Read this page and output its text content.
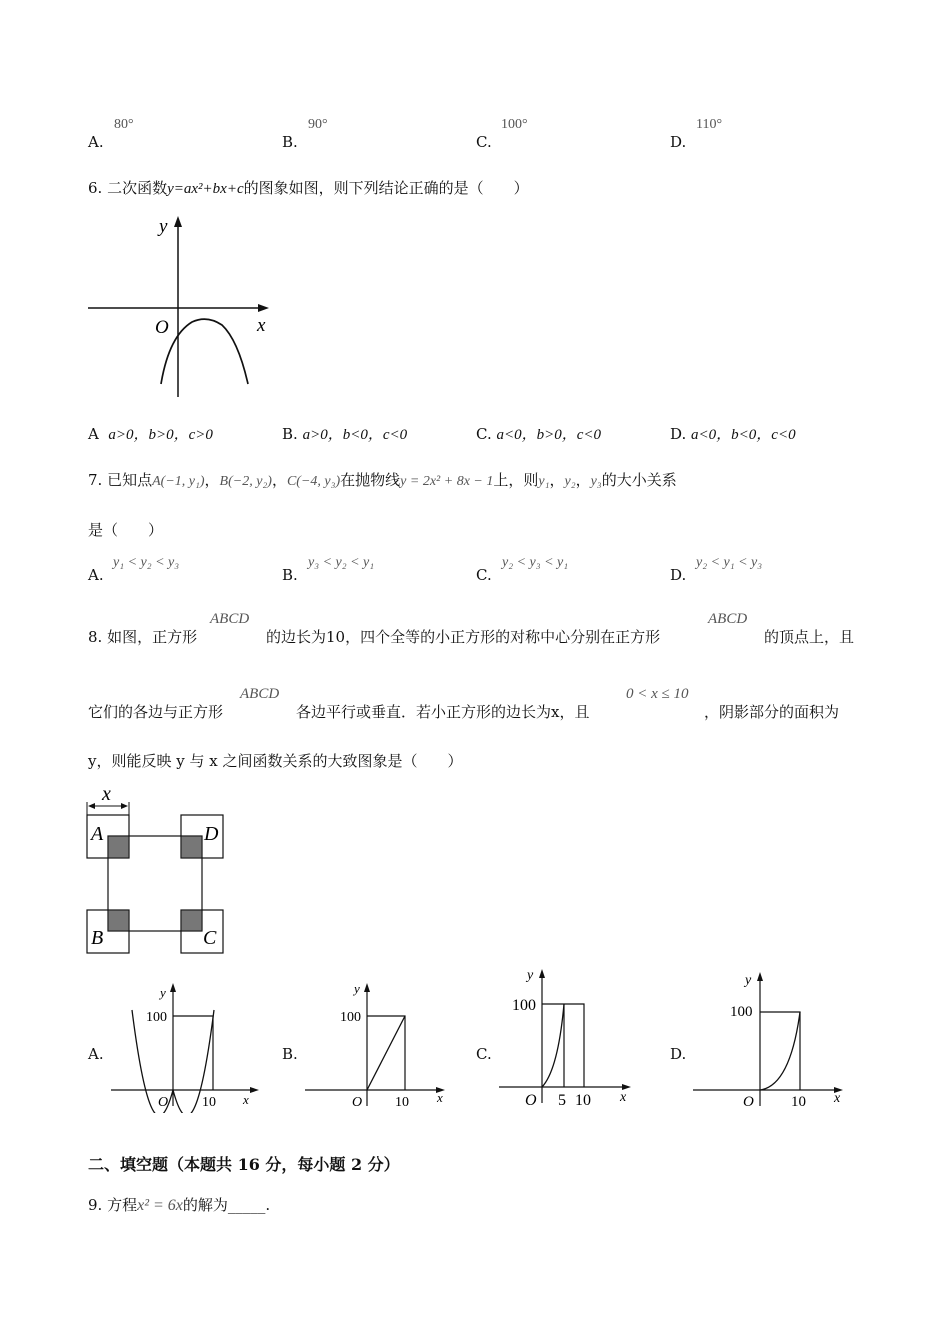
A.
80°
B.
90°
C.
100°
D.
110°
6. 二次函数y=ax²+bx+c的图象如图，则下列结论正确的是（　　）
y
x
O
A a>0，b>0，c>0	B. a>0，b<0，c<0	C. a<0，b>0，c<0	D. a<0，b<0，c<0
7. 已知点A(−1, y₁)，B(−2, y₂)，C(−4, y₃)在抛物线y = 2x² + 8x − 1上，则y₁，y₂，y₃的大小关系
是（　　）
A.
y₁ < y₂ < y₃
B.
y₃ < y₂ < y₁
C.
y₂ < y₃ < y₁
D.
y₂ < y₁ < y₃
8. 如图，正方形
ABCD
的边长为10，四个全等的小正方形的对称中心分别在正方形
ABCD
的顶点上，且
它们的各边与正方形
ABCD
各边平行或垂直．若小正方形的边长为x，且
0 < x ≤ 10
，阴影部分的面积为
y，则能反映 y 与 x 之间函数关系的大致图象是（　　）
x
A	D
B	C
A.
y
100
O 10 x
B.
y
100
O 10 x
C.
y
100
O 5 10 x
D.
y
100
O 10 x
二、填空题（本题共 16 分，每小题 2 分）
9. 方程x² = 6x的解为_____.
